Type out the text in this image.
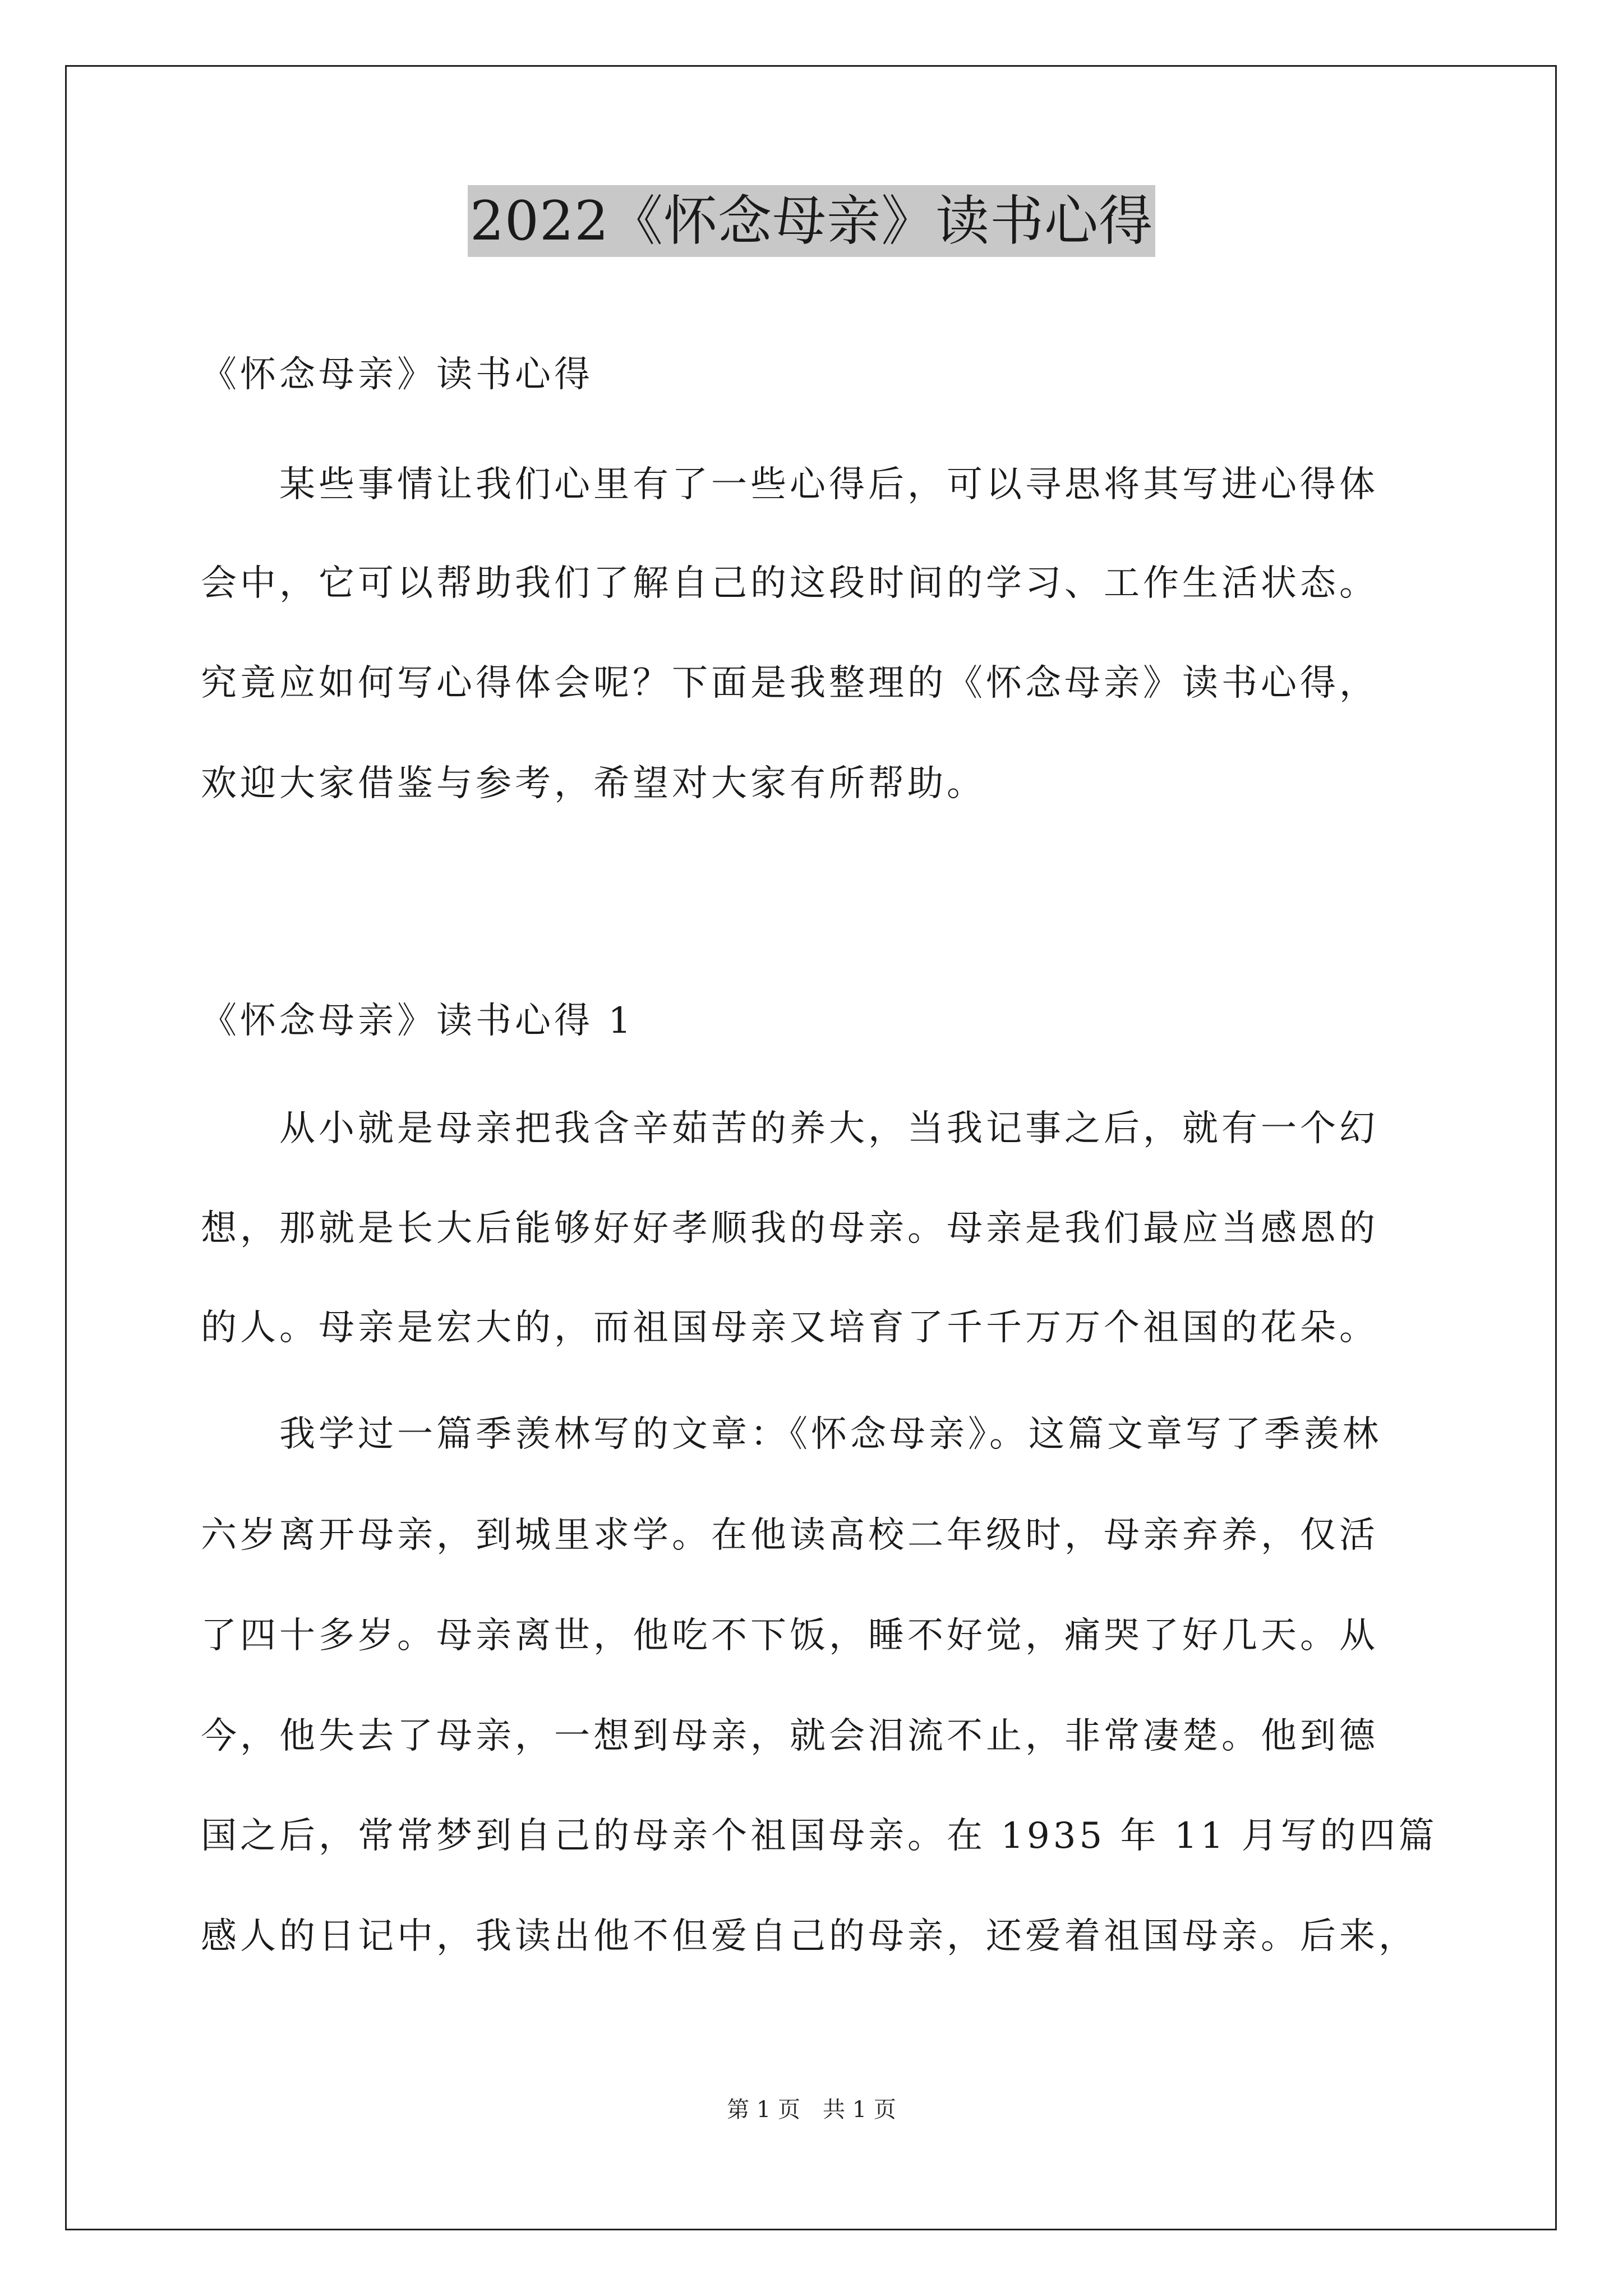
2022《怀念母亲》读书心得
《怀念母亲》读书心得
　　某些事情让我们心里有了一些心得后，可以寻思将其写进心得体
会中，它可以帮助我们了解自己的这段时间的学习、工作生活状态。
究竟应如何写心得体会呢？下面是我整理的《怀念母亲》读书心得，
欢迎大家借鉴与参考，希望对大家有所帮助。
《怀念母亲》读书心得 1
　　从小就是母亲把我含辛茹苦的养大，当我记事之后，就有一个幻
想，那就是长大后能够好好孝顺我的母亲。母亲是我们最应当感恩的
的人。母亲是宏大的，而祖国母亲又培育了千千万万个祖国的花朵。
　　我学过一篇季羡林写的文章：《怀念母亲》。这篇文章写了季羡林
六岁离开母亲，到城里求学。在他读高校二年级时，母亲弃养，仅活
了四十多岁。母亲离世，他吃不下饭，睡不好觉，痛哭了好几天。从
今，他失去了母亲，一想到母亲，就会泪流不止，非常凄楚。他到德
国之后，常常梦到自己的母亲个祖国母亲。在 1935 年 11 月写的四篇
感人的日记中，我读出他不但爱自己的母亲，还爱着祖国母亲。后来，
第 1 页　共 1 页
